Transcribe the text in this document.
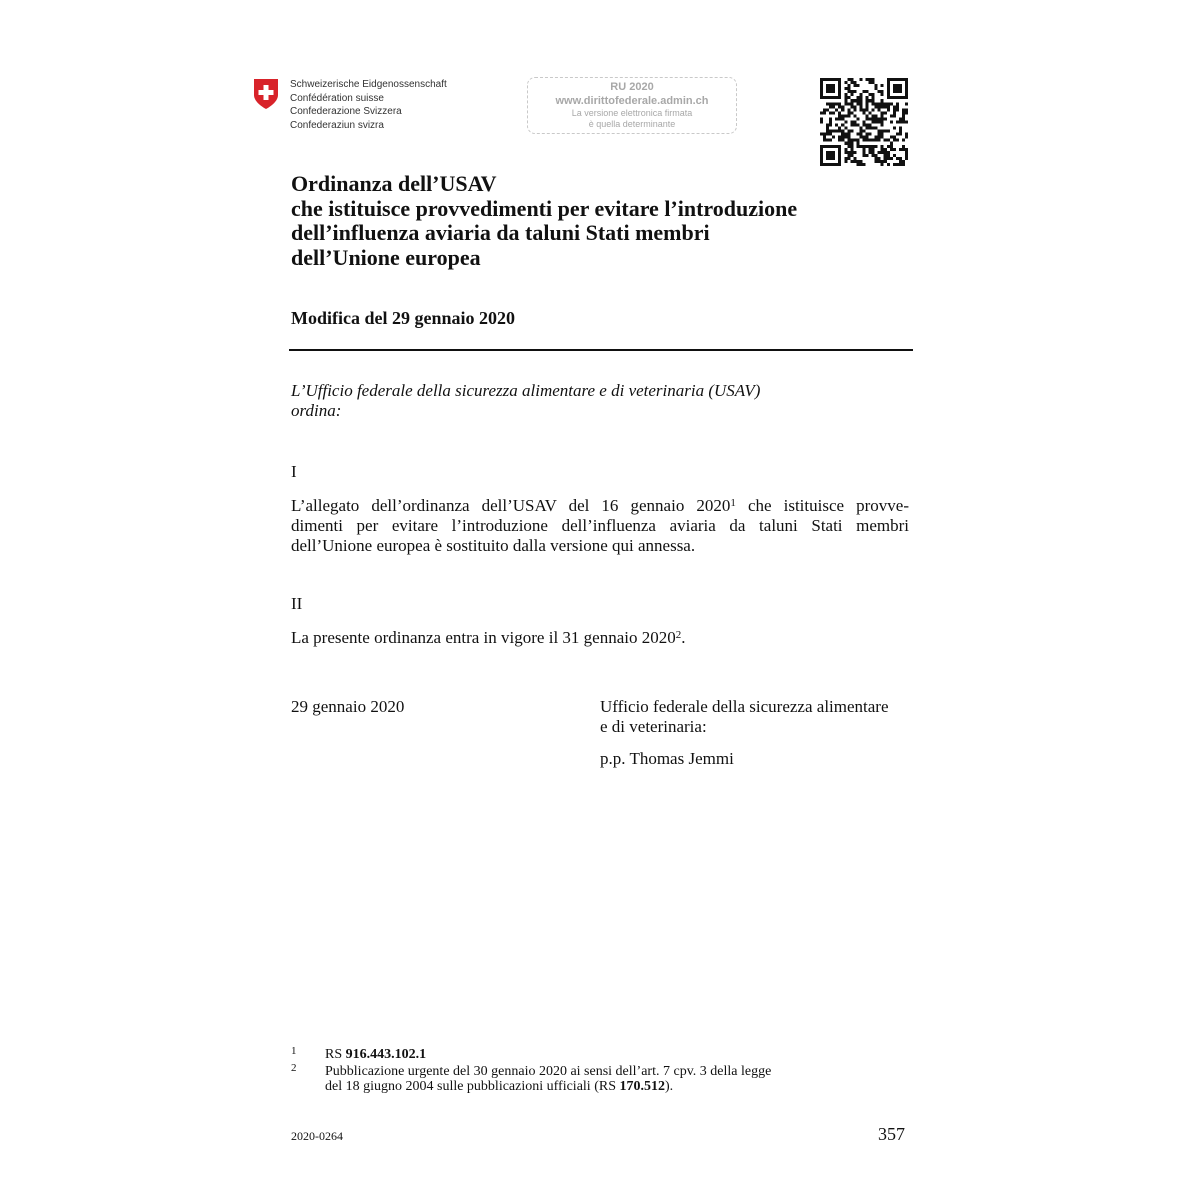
Schweizerische Eidgenossenschaft
Confédération suisse
Confederazione Svizzera
Confederaziun svizra
RU 2020
www.dirittofederale.admin.ch
La versione elettronica firmata
è quella determinante
Ordinanza dell’USAV
che istituisce provvedimenti per evitare l’introduzione
dell’influenza aviaria da taluni Stati membri
dell’Unione europea
Modifica del 29 gennaio 2020
L’Ufficio federale della sicurezza alimentare e di veterinaria (USAV)
ordina:
I
L’allegato dell’ordinanza dell’USAV del 16 gennaio 2020$^1$ che istituisce provve-
dimenti per evitare l’introduzione dell’influenza aviaria da taluni Stati membri
dell’Unione europea è sostituito dalla versione qui annessa.
II
La presente ordinanza entra in vigore il 31 gennaio 2020$^2$.
29 gennaio 2020	Ufficio federale della sicurezza alimentare
e di veterinaria:
p.p. Thomas Jemmi
1 RS 916.443.102.1
2 Pubblicazione urgente del 30 gennaio 2020 ai sensi dell’art. 7 cpv. 3 della legge
del 18 giugno 2004 sulle pubblicazioni ufficiali (RS 170.512).
2020-0264	357
